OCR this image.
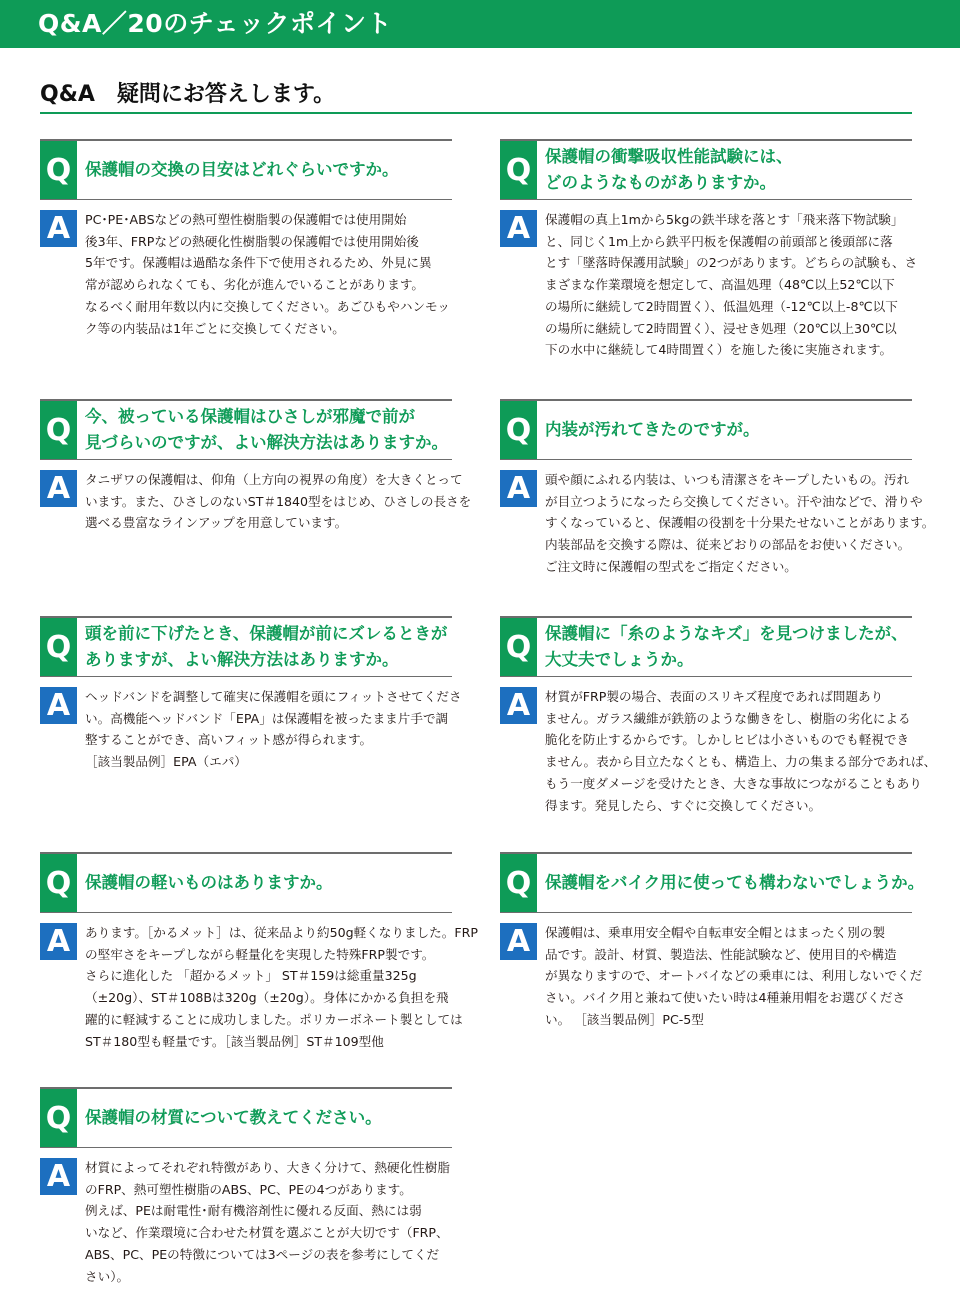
Q&A／20のチェックポイント
Q&A　疑問にお答えします。
Q 保護帽の交換の目安はどれぐらいですか。
A	PC･PE･ABSなどの熱可塑性樹脂製の保護帽では使用開始
後3年、FRPなどの熱硬化性樹脂製の保護帽では使用開始後
5年です。保護帽は過酷な条件下で使用されるため、外見に異
常が認められなくても、劣化が進んでいることがあります。
なるべく耐用年数以内に交換してください。あごひもやハンモッ
ク等の内装品は1年ごとに交換してください。
Q 保護帽の衝撃吸収性能試験には、
どのようなものがありますか。
A	保護帽の真上1mから5kgの鉄半球を落とす「飛来落下物試験」
と、同じく1m上から鉄平円板を保護帽の前頭部と後頭部に落
とす「墜落時保護用試験」の2つがあります。どちらの試験も、さ
まざまな作業環境を想定して、高温処理（48℃以上52℃以下
の場所に継続して2時間置く）、低温処理（-12℃以上-8℃以下
の場所に継続して2時間置く）、浸せき処理（20℃以上30℃以
下の水中に継続して4時間置く）を施した後に実施されます。
Q 今、被っている保護帽はひさしが邪魔で前が
見づらいのですが、よい解決方法はありますか。
A	タニザワの保護帽は、仰角（上方向の視界の角度）を大きくとって
います。また、ひさしのないST＃1840型をはじめ、ひさしの長さを
選べる豊富なラインアップを用意しています。
Q 内装が汚れてきたのですが。
A	頭や顔にふれる内装は、いつも清潔さをキープしたいもの。汚れ
が目立つようになったら交換してください。汗や油などで、滑りや
すくなっていると、保護帽の役割を十分果たせないことがあります。
内装部品を交換する際は、従来どおりの部品をお使いください。
ご注文時に保護帽の型式をご指定ください。
Q 頭を前に下げたとき、保護帽が前にズレるときが
ありますが、よい解決方法はありますか。
A	ヘッドバンドを調整して確実に保護帽を頭にフィットさせてくださ
い。高機能ヘッドバンド「EPA」は保護帽を被ったまま片手で調
整することができ、高いフィット感が得られます。
［該当製品例］EPA（エパ）
Q 保護帽に「糸のようなキズ」を見つけましたが、
大丈夫でしょうか。
A	材質がFRP製の場合、表面のスリキズ程度であれば問題あり
ません。ガラス繊維が鉄筋のような働きをし、樹脂の劣化による
脆化を防止するからです。しかしヒビは小さいものでも軽視でき
ません。表から目立たなくとも、構造上、力の集まる部分であれば、
もう一度ダメージを受けたとき、大きな事故につながることもあり
得ます。発見したら、すぐに交換してください。
Q 保護帽の軽いものはありますか。
A	あります。［かるメット］は、従来品より約50g軽くなりました。FRP
の堅牢さをキープしながら軽量化を実現した特殊FRP製です。
さらに進化した 「超かるメット」 ST＃159は総重量325g
（±20g）、ST＃108Bは320g（±20g）。身体にかかる負担を飛
躍的に軽減することに成功しました。ポリカーボネート製としては
ST＃180型も軽量です。［該当製品例］ST＃109型他
Q 保護帽をバイク用に使っても構わないでしょうか。
A	保護帽は、乗車用安全帽や自転車安全帽とはまったく別の製
品です。設計、材質、製造法、性能試験など、使用目的や構造
が異なりますので、オートバイなどの乗車には、利用しないでくだ
さい。バイク用と兼ねて使いたい時は4種兼用帽をお選びくださ
い。 ［該当製品例］PC-5型
Q 保護帽の材質について教えてください。
A	材質によってそれぞれ特徴があり、大きく分けて、熱硬化性樹脂
のFRP、熱可塑性樹脂のABS、PC、PEの4つがあります。
例えば、PEは耐電性･耐有機溶剤性に優れる反面、熱には弱
いなど、作業環境に合わせた材質を選ぶことが大切です（FRP、
ABS、PC、PEの特徴については3ページの表を参考にしてくだ
さい）。
